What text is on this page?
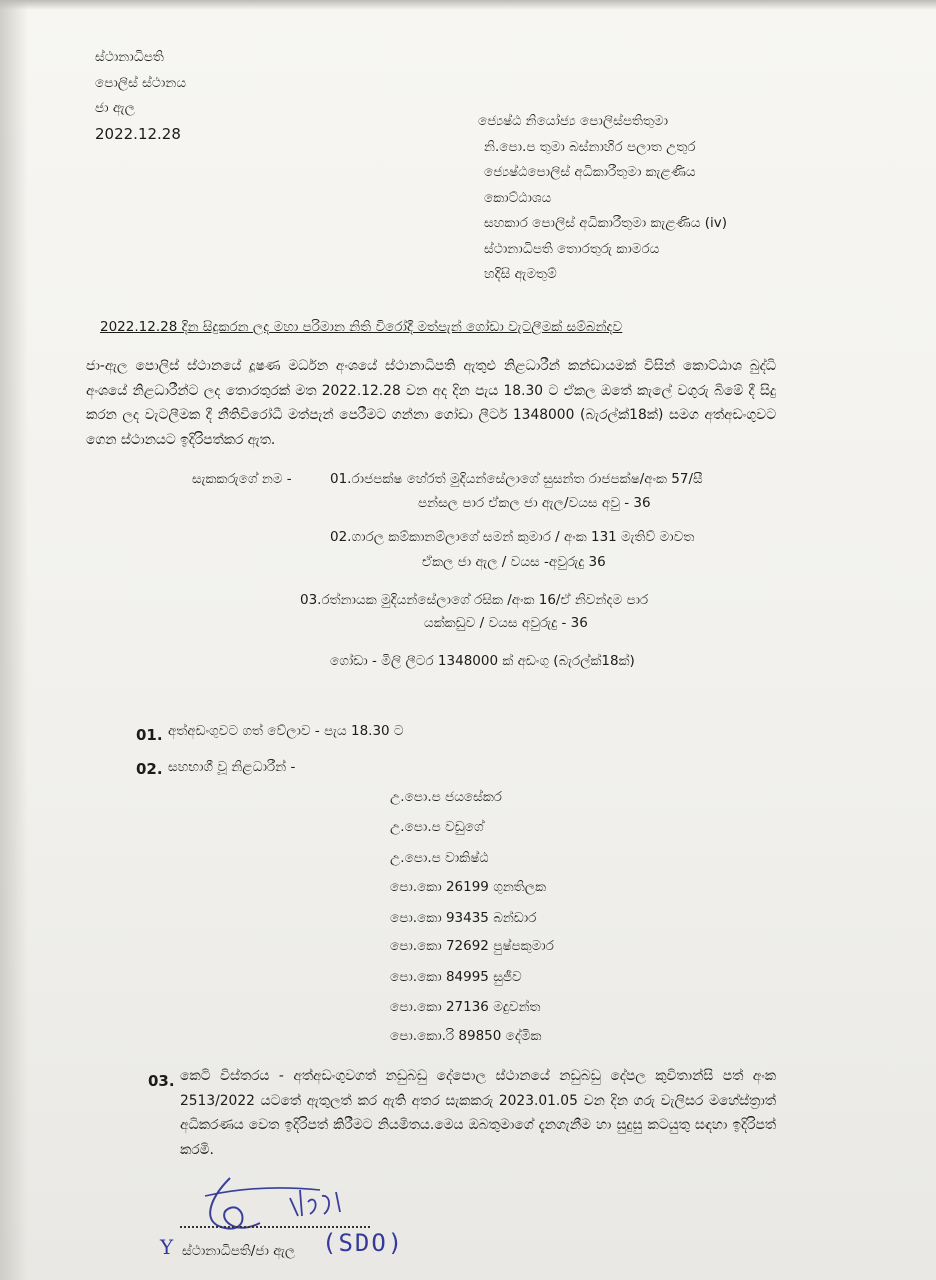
ස්ථානාධිපති
පොලිස් ස්ථානය
ජා ඇල
2022.12.28
ජ්‍යෙෂ්ඨ නියෝජ්‍ය පොලිස්පතිතුමා
නි.පො.ප තුමා බස්නාහිර පලාත උතුර
ජ්‍යෙෂ්ඨපොලිස් අධිකාරීතුමා කැළණිය
කොට්ඨාශය
සහකාර පොලිස් අධිකාරීතුමා කැළණිය (iv)
ස්ථානාධිපති තොරතුරු කාමරය
හදිසි ඇමතුම්
2022.12.28 දින සිදුකරන ලද මහා පරිමාන නිති විරෝදී මත්පැන් ගෝඩා වැටලීමක් සම්බන්දව
ජා-ඇල පොලිස් ස්ථානයේ දූෂණ මර්ධන අංශයේ ස්ථානාධිපති ඇතුළු නිළධාරීන් කන්ඩායමක් විසින් කොට්ඨාශ බුද්ධි අංශයේ නිළධාරීන්ට ලද තොරතුරක් මත 2022.12.28 වන අද දින පැය 18.30 ට ඒකල ඔතේ කැලේ වගුරු බිමේ දී සිදු කරන ලද වැටලීමක දී නීතිවිරෝධී මත්පැන් පෙරීමට ගන්නා ගෝඩා ලීටර් 1348000 (බැරල්ක්18ක්) සමග අත්අඩංගුවට ගෙන ස්ථානයට ඉදිරිපත්කර ඇත.
සැකකරුගේ නම -	01.රාජපක්ෂ හේරත් මුදියන්සේලාගේ සුසන්ත රාජපක්ෂ/අංක 57/සී
පන්සල පාර ඒකල ජා ඇල/වයස අවු - 36
02.ගාරල කම්කානම්ලාගේ සමන් කුමාර / අංක 131 මැතිව් මාවත
ඒකල ජා ඇල / වයස -අවුරුදු 36
03.රත්නායක මුදියන්සේලාගේ රසික /අංක 16/ඒ නිවන්දම පාර
යක්කඩුව / වයස අවුරුදු - 36
ගෝඩා - මිලි ලීටර 1348000 ක් අඩංගු (බැරල්ක්18ක්)
01. අත්අඩංගුවට ගත් වේලාව - පැය 18.30 ට
02. සහභාගී වූ නිළධාරීන් -
උ.පො.ප ජයසේකර
උ.පො.ප වඩුගේ
උ.පො.ප වාකිෂ්ඨ
පො.කො 26199 ගුනතිලක
පො.කො 93435 බන්ඩාර
පො.කො 72692 පුෂ්පකුමාර
පො.කො 84995 සුජීව
පො.කො 27136 මදුවන්ත
පො.කො.රි 89850 දේමික
03. කෙටි විස්තරය - අත්අඩංගුවගත් නඩුබඩු දේපොල ස්ථානයේ නඩුබඩු දේපල කුවිතාන්සි පත් අංක 2513/2022 යටතේ ඇතුලත් කර ඇති අතර සැකකරු 2023.01.05 වන දින ගරු වැලිසර මහේස්ත්‍රාත් අධිකරණය වෙත ඉදිරිපත් කිරීමට නියමිතය.මෙය ඔබතුමාගේ දැනගැනීම හා සුදුසු කටයුතු සඳහා ඉදිරිපත් කරමි.
Y ස්ථානාධිපති/ජා ඇල (SDO)
